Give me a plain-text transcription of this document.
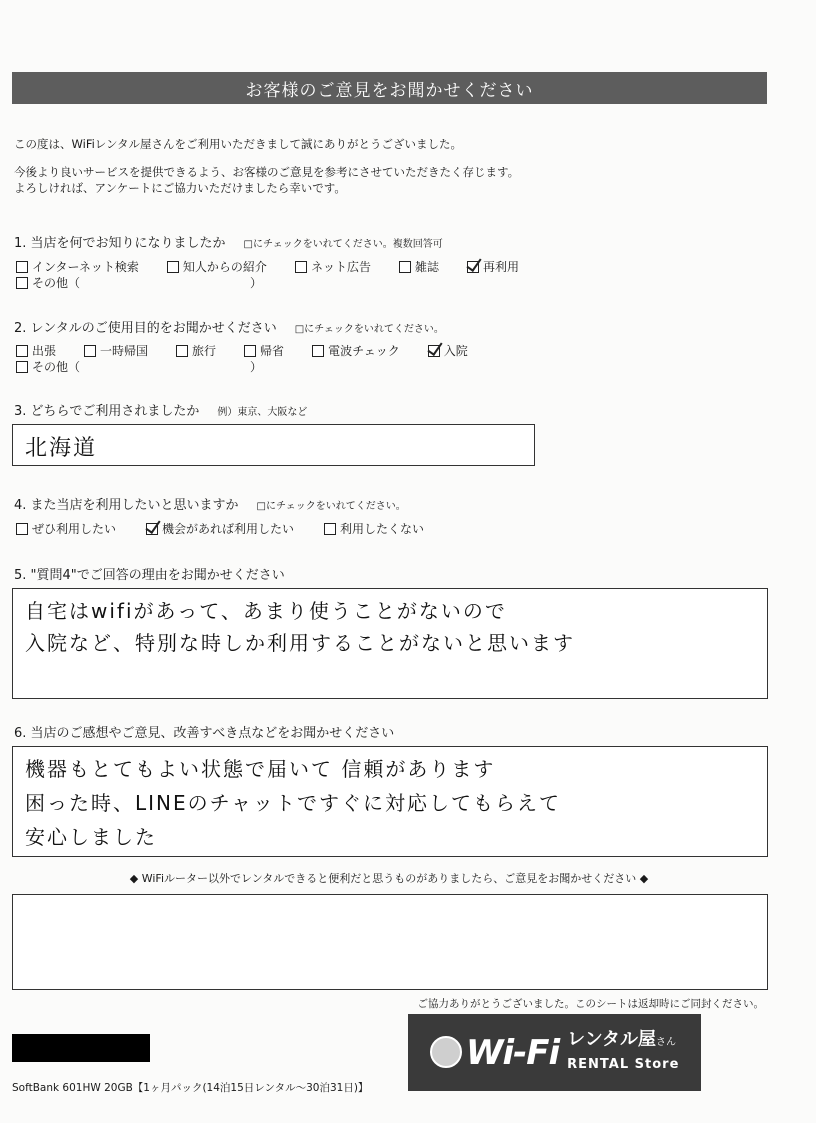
お客様のご意見をお聞かせください
この度は、WiFiレンタル屋さんをご利用いただきまして誠にありがとうございました。
今後より良いサービスを提供できるよう、お客様のご意見を参考にさせていただきたく存じます。
よろしければ、アンケートにご協力いただけましたら幸いです。
1. 当店を何でお知りになりましたか □にチェックをいれてください。複数回答可
インターネット検索	知人からの紹介	ネット広告	雑誌	再利用
その他（	）
2. レンタルのご使用目的をお聞かせください □にチェックをいれてください。
出張	一時帰国	旅行	帰省	電波チェック	入院
その他（	）
3. どちらでご利用されましたか 例）東京、大阪など
北海道
4. また当店を利用したいと思いますか □にチェックをいれてください。
ぜひ利用したい	機会があれば利用したい	利用したくない
5. "質問4"でご回答の理由をお聞かせください
自宅はwifiがあって、あまり使うことがないので
入院など、特別な時しか利用することがないと思います
6. 当店のご感想やご意見、改善すべき点などをお聞かせください
機器もとてもよい状態で届いて 信頼があります
困った時、LINEのチャットですぐに対応してもらえて
安心しました
◆ WiFiルーター以外でレンタルできると便利だと思うものがありましたら、ご意見をお聞かせください ◆
ご協力ありがとうございました。このシートは返却時にご同封ください。
Wi-Fi レンタル屋さん
RENTAL Store
SoftBank 601HW 20GB【1ヶ月パック(14泊15日レンタル～30泊31日)】
